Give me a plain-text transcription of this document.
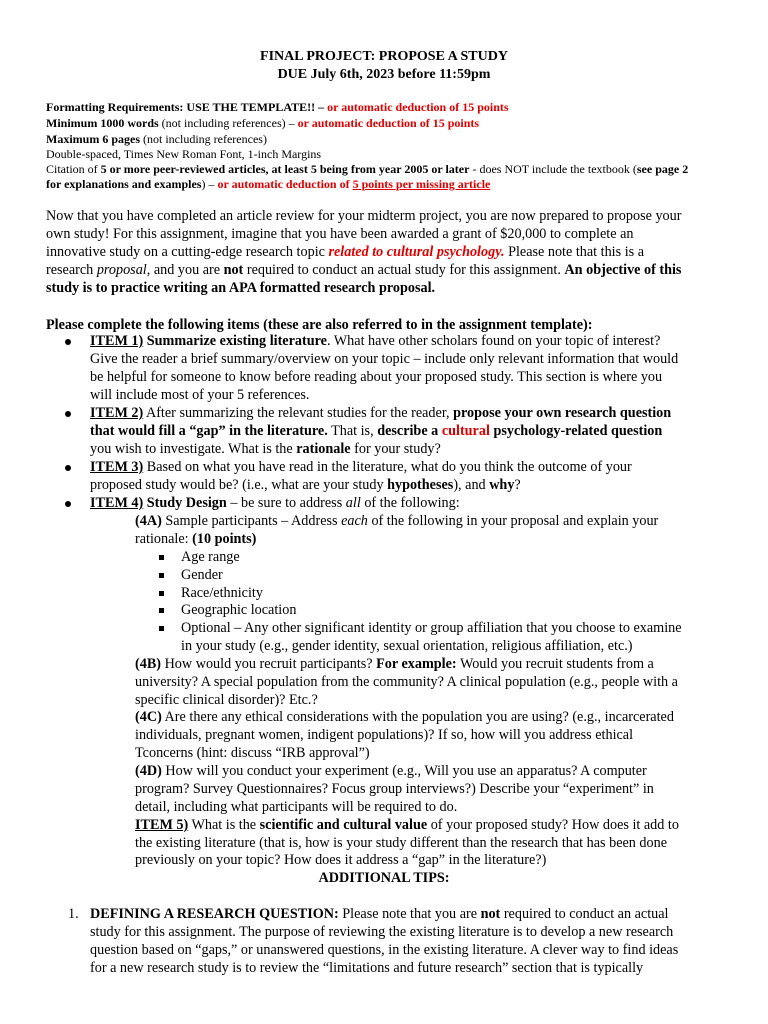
FINAL PROJECT: PROPOSE A STUDY
DUE July 6th, 2023 before 11:59pm
Formatting Requirements: USE THE TEMPLATE!! – or automatic deduction of 15 points
Minimum 1000 words (not including references) – or automatic deduction of 15 points
Maximum 6 pages (not including references)
Double-spaced, Times New Roman Font, 1-inch Margins
Citation of 5 or more peer-reviewed articles, at least 5 being from year 2005 or later - does NOT include the textbook (see page 2
for explanations and examples) – or automatic deduction of 5 points per missing article
Now that you have completed an article review for your midterm project, you are now prepared to propose your
own study! For this assignment, imagine that you have been awarded a grant of $20,000 to complete an
innovative study on a cutting-edge research topic related to cultural psychology. Please note that this is a
research proposal, and you are not required to conduct an actual study for this assignment. An objective of this
study is to practice writing an APA formatted research proposal.
Please complete the following items (these are also referred to in the assignment template):
ITEM 1) Summarize existing literature. What have other scholars found on your topic of interest?
Give the reader a brief summary/overview on your topic – include only relevant information that would
be helpful for someone to know before reading about your proposed study. This section is where you
will include most of your 5 references.
ITEM 2) After summarizing the relevant studies for the reader, propose your own research question
that would fill a “gap” in the literature. That is, describe a cultural psychology-related question
you wish to investigate. What is the rationale for your study?
ITEM 3) Based on what you have read in the literature, what do you think the outcome of your
proposed study would be? (i.e., what are your study hypotheses), and why?
ITEM 4) Study Design – be sure to address all of the following:
(4A) Sample participants – Address each of the following in your proposal and explain your
rationale: (10 points)
Age range
Gender
Race/ethnicity
Geographic location
Optional – Any other significant identity or group affiliation that you choose to examine
in your study (e.g., gender identity, sexual orientation, religious affiliation, etc.)
(4B) How would you recruit participants? For example: Would you recruit students from a
university? A special population from the community? A clinical population (e.g., people with a
specific clinical disorder)? Etc.?
(4C) Are there any ethical considerations with the population you are using? (e.g., incarcerated
individuals, pregnant women, indigent populations)? If so, how will you address ethical
Tconcerns (hint: discuss “IRB approval”)
(4D) How will you conduct your experiment (e.g., Will you use an apparatus? A computer
program? Survey Questionnaires? Focus group interviews?) Describe your “experiment” in
detail, including what participants will be required to do.
ITEM 5) What is the scientific and cultural value of your proposed study? How does it add to
the existing literature (that is, how is your study different than the research that has been done
previously on your topic? How does it address a “gap” in the literature?)
ADDITIONAL TIPS:
1. DEFINING A RESEARCH QUESTION: Please note that you are not required to conduct an actual
study for this assignment. The purpose of reviewing the existing literature is to develop a new research
question based on “gaps,” or unanswered questions, in the existing literature. A clever way to find ideas
for a new research study is to review the “limitations and future research” section that is typically
